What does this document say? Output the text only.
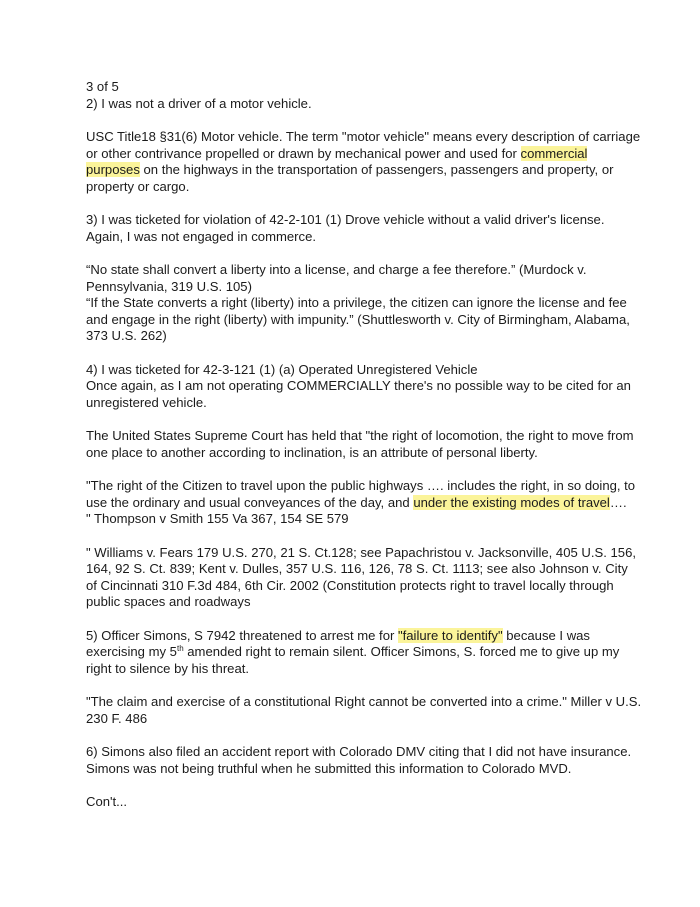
3 of 5
2) I was not a driver of a motor vehicle.
USC Title18 §31(6) Motor vehicle. The term "motor vehicle" means every description of carriage
or other contrivance propelled or drawn by mechanical power and used for commercial
purposes on the highways in the transportation of passengers, passengers and property, or
property or cargo.
3) I was ticketed for violation of 42-2-101 (1) Drove vehicle without a valid driver's license.
Again, I was not engaged in commerce.
“No state shall convert a liberty into a license, and charge a fee therefore.” (Murdock v.
Pennsylvania, 319 U.S. 105)
“If the State converts a right (liberty) into a privilege, the citizen can ignore the license and fee
and engage in the right (liberty) with impunity.” (Shuttlesworth v. City of Birmingham, Alabama,
373 U.S. 262)
4) I was ticketed for 42-3-121 (1) (a) Operated Unregistered Vehicle
Once again, as I am not operating COMMERCIALLY there's no possible way to be cited for an
unregistered vehicle.
The United States Supreme Court has held that "the right of locomotion, the right to move from
one place to another according to inclination, is an attribute of personal liberty.
"The right of the Citizen to travel upon the public highways …. includes the right, in so doing, to
use the ordinary and usual conveyances of the day, and under the existing modes of travel….
" Thompson v Smith 155 Va 367, 154 SE 579
" Williams v. Fears 179 U.S. 270, 21 S. Ct.128; see Papachristou v. Jacksonville, 405 U.S. 156,
164, 92 S. Ct. 839; Kent v. Dulles, 357 U.S. 116, 126, 78 S. Ct. 1113; see also Johnson v. City
of Cincinnati 310 F.3d 484, 6th Cir. 2002 (Constitution protects right to travel locally through
public spaces and roadways
5) Officer Simons, S 7942 threatened to arrest me for "failure to identify" because I was
exercising my 5th amended right to remain silent. Officer Simons, S. forced me to give up my
right to silence by his threat.
"The claim and exercise of a constitutional Right cannot be converted into a crime." Miller v U.S.
230 F. 486
6) Simons also filed an accident report with Colorado DMV citing that I did not have insurance.
Simons was not being truthful when he submitted this information to Colorado MVD.
Con't...
